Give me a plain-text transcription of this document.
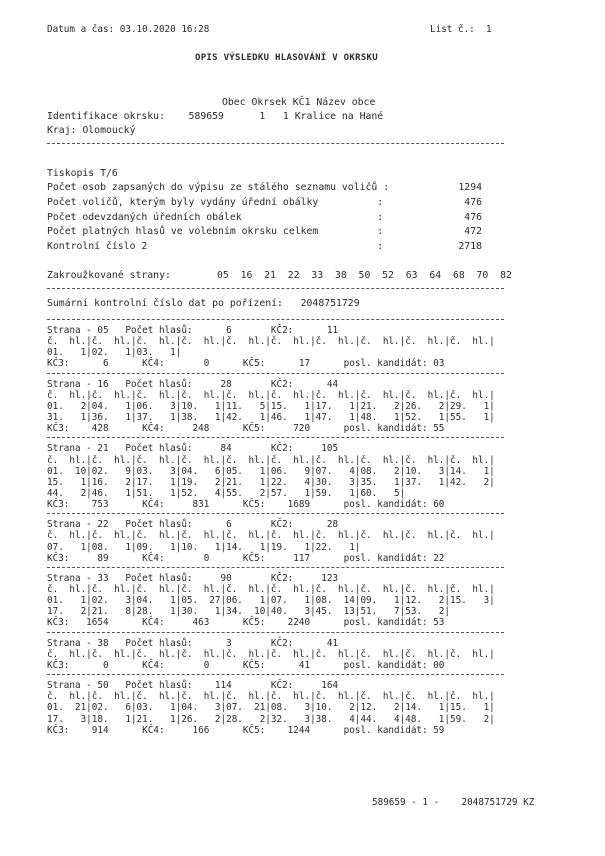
Datum a čas: 03.10.2020 16:28	List č.:  1
OPIS VÝSLEDKU HLASOVÁNÍ V OKRSKU
Obec Okrsek KČ1 Název obce
Identifikace okrsku:    589659      1   1 Kralice na Hané
Kraj: Olomoucký
Tiskopis T/6
Počet osob zapsaných do výpisu ze stálého seznamu voličů :	1294
Počet voličů, kterým byly vydány úřední obálky          :	476
Počet odevzdaných úředních obálek                       :	476
Počet platných hlasů ve volebním okrsku celkem          :	472
Kontrolní číslo 2                                       :	2718
Zakroužkované strany:	05  16  21  22  33  38  50  52  63  64  68  70  82
Sumární kontrolní číslo dat po pořízení:   2048751729
Strana - 05   Počet hlasů:      6       KČ2:      11
č.  hl.|č.  hl.|č.  hl.|č.  hl.|č.  hl.|č.  hl.|č.  hl.|č.  hl.|č.  hl.|č.  hl.|
01.   1|02.   1|03.   1|
KČ3:      6      KČ4:       0      KČ5:      17      posl. kandidát: 03
Strana - 16   Počet hlasů:     28       KČ2:      44
č.  hl.|č.  hl.|č.  hl.|č.  hl.|č.  hl.|č.  hl.|č.  hl.|č.  hl.|č.  hl.|č.  hl.|
01.   2|04.   1|06.   3|10.   1|11.   5|15.   1|17.   1|21.   2|26.   2|29.   1|
31.   1|36.   1|37.   1|38.   1|42.   1|46.   1|47.   1|48.   1|52.   1|55.   1|
KČ3:    428      KČ4:     248      KČ5:     720      posl. kandidát: 55
Strana - 21   Počet hlasů:     84       KČ2:     105
č.  hl.|č.  hl.|č.  hl.|č.  hl.|č.  hl.|č.  hl.|č.  hl.|č.  hl.|č.  hl.|č.  hl.|
01.  10|02.   9|03.   3|04.   6|05.   1|06.   9|07.   4|08.   2|10.   3|14.   1|
15.   1|16.   2|17.   1|19.   2|21.   1|22.   4|30.   3|35.   1|37.   1|42.   2|
44.   2|46.   1|51.   1|52.   4|55.   2|57.   1|59.   1|60.   5|
KČ3:    753      KČ4:     831      KČ5:    1689      posl. kandidát: 60
Strana - 22   Počet hlasů:      6       KČ2:      28
č.  hl.|č.  hl.|č.  hl.|č.  hl.|č.  hl.|č.  hl.|č.  hl.|č.  hl.|č.  hl.|č.  hl.|
07.   1|08.   1|09.   1|10.   1|14.   1|19.   1|22.   1|
KČ3:     89      KČ4:       0      KČ5:     117      posl. kandidát: 22
Strana - 33   Počet hlasů:     90       KČ2:     123
č.  hl.|č.  hl.|č.  hl.|č.  hl.|č.  hl.|č.  hl.|č.  hl.|č.  hl.|č.  hl.|č.  hl.|
01.   1|02.   3|04.   1|05.  27|06.   1|07.   1|08.  14|09.   1|12.   2|15.   3|
17.   2|21.   8|28.   1|30.   1|34.  10|40.   3|45.  13|51.   7|53.   2|
KČ3:   1654      KČ4:     463      KČ5:    2240      posl. kandidát: 53
Strana - 38   Počet hlasů:      3       KČ2:      41
č.  hl.|č.  hl.|č.  hl.|č.  hl.|č.  hl.|č.  hl.|č.  hl.|č.  hl.|č.  hl.|č.  hl.|
KČ3:      0      KČ4:       0      KČ5:      41      posl. kandidát: 00
Strana - 50   Počet hlasů:    114       KČ2:     164
č.  hl.|č.  hl.|č.  hl.|č.  hl.|č.  hl.|č.  hl.|č.  hl.|č.  hl.|č.  hl.|č.  hl.|
01.  21|02.   6|03.   1|04.   3|07.  21|08.   3|10.   2|12.   2|14.   1|15.   1|
17.   3|18.   1|21.   1|26.   2|28.   2|32.   3|38.   4|44.   4|48.   1|59.   2|
KČ3:    914      KČ4:     166      KČ5:    1244      posl. kandidát: 59
589659 - 1 -    2048751729 KZ
